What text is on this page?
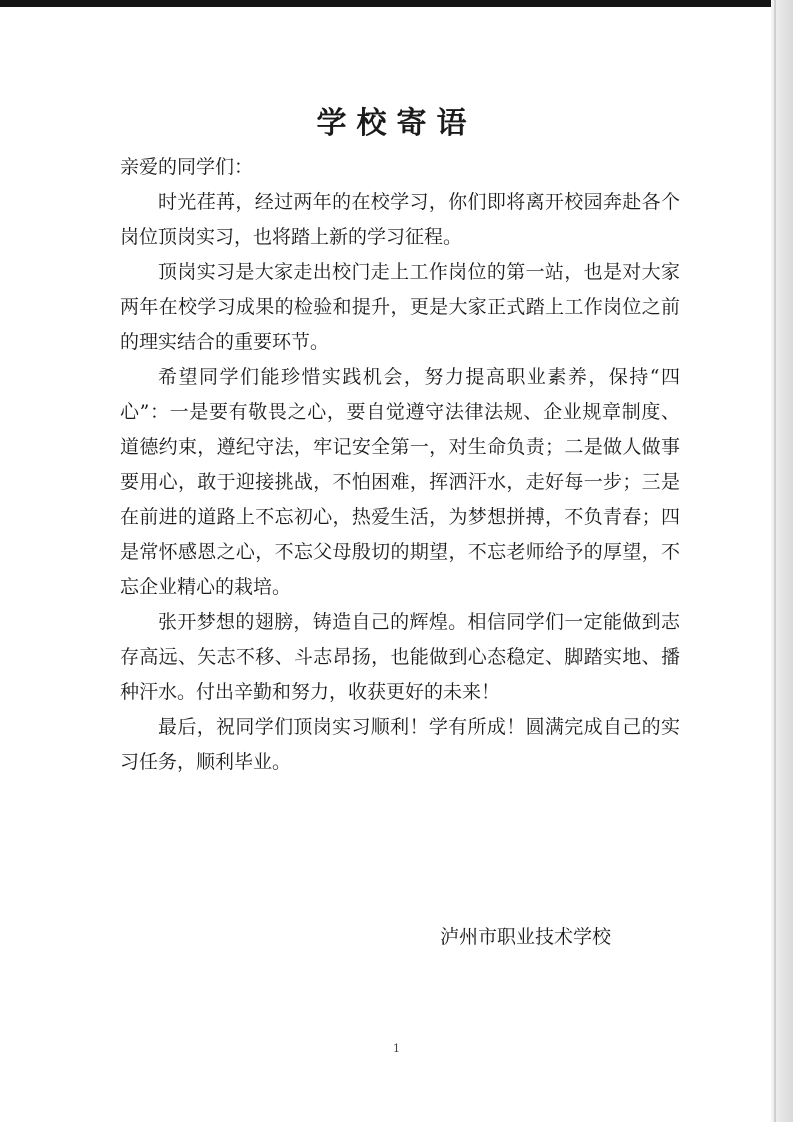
学校寄语

亲爱的同学们：

时光荏苒，经过两年的在校学习，你们即将离开校园奔赴各个岗位顶岗实习，也将踏上新的学习征程。

顶岗实习是大家走出校门走上工作岗位的第一站，也是对大家两年在校学习成果的检验和提升，更是大家正式踏上工作岗位之前的理实结合的重要环节。

希望同学们能珍惜实践机会，努力提高职业素养，保持“四心”：一是要有敬畏之心，要自觉遵守法律法规、企业规章制度、道德约束，遵纪守法，牢记安全第一，对生命负责；二是做人做事要用心，敢于迎接挑战，不怕困难，挥洒汗水，走好每一步；三是在前进的道路上不忘初心，热爱生活，为梦想拼搏，不负青春；四是常怀感恩之心，不忘父母殷切的期望，不忘老师给予的厚望，不忘企业精心的栽培。

张开梦想的翅膀，铸造自己的辉煌。相信同学们一定能做到志存高远、矢志不移、斗志昂扬，也能做到心态稳定、脚踏实地、播种汗水。付出辛勤和努力，收获更好的未来！

最后，祝同学们顶岗实习顺利！学有所成！圆满完成自己的实习任务，顺利毕业。

泸州市职业技术学校
1
